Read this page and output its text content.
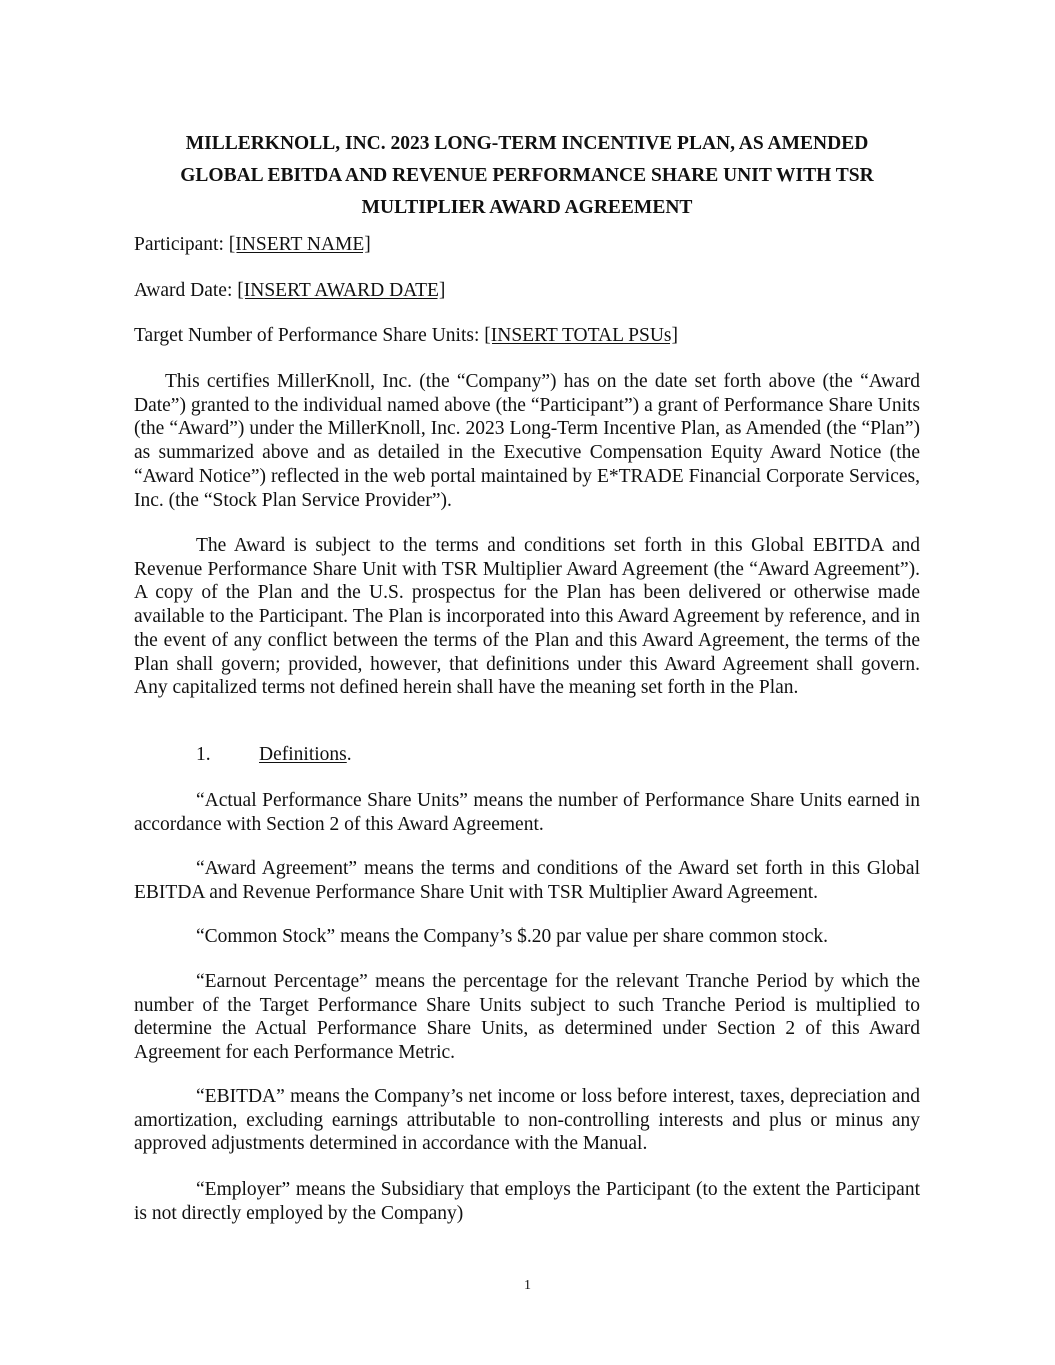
MILLERKNOLL, INC. 2023 LONG-TERM INCENTIVE PLAN, AS AMENDED
GLOBAL EBITDA AND REVENUE PERFORMANCE SHARE UNIT WITH TSR
MULTIPLIER AWARD AGREEMENT

Participant: [INSERT NAME]

Award Date: [INSERT AWARD DATE]

Target Number of Performance Share Units: [INSERT TOTAL PSUs]

This certifies MillerKnoll, Inc. (the “Company”) has on the date set forth above (the “Award Date”) granted to the individual named above (the “Participant”) a grant of Performance Share Units (the “Award”) under the MillerKnoll, Inc. 2023 Long-Term Incentive Plan, as Amended (the “Plan”) as summarized above and as detailed in the Executive Compensation Equity Award Notice (the “Award Notice”) reflected in the web portal maintained by E*TRADE Financial Corporate Services, Inc. (the “Stock Plan Service Provider”).

The Award is subject to the terms and conditions set forth in this Global EBITDA and Revenue Performance Share Unit with TSR Multiplier Award Agreement (the “Award Agreement”). A copy of the Plan and the U.S. prospectus for the Plan has been delivered or otherwise made available to the Participant. The Plan is incorporated into this Award Agreement by reference, and in the event of any conflict between the terms of the Plan and this Award Agreement, the terms of the Plan shall govern; provided, however, that definitions under this Award Agreement shall govern. Any capitalized terms not defined herein shall have the meaning set forth in the Plan.

1. Definitions.

“Actual Performance Share Units” means the number of Performance Share Units earned in accordance with Section 2 of this Award Agreement.

“Award Agreement” means the terms and conditions of the Award set forth in this Global EBITDA and Revenue Performance Share Unit with TSR Multiplier Award Agreement.

“Common Stock” means the Company’s $.20 par value per share common stock.

“Earnout Percentage” means the percentage for the relevant Tranche Period by which the number of the Target Performance Share Units subject to such Tranche Period is multiplied to determine the Actual Performance Share Units, as determined under Section 2 of this Award Agreement for each Performance Metric.

“EBITDA” means the Company’s net income or loss before interest, taxes, depreciation and amortization, excluding earnings attributable to non-controlling interests and plus or minus any approved adjustments determined in accordance with the Manual.

“Employer” means the Subsidiary that employs the Participant (to the extent the Participant is not directly employed by the Company)

1
